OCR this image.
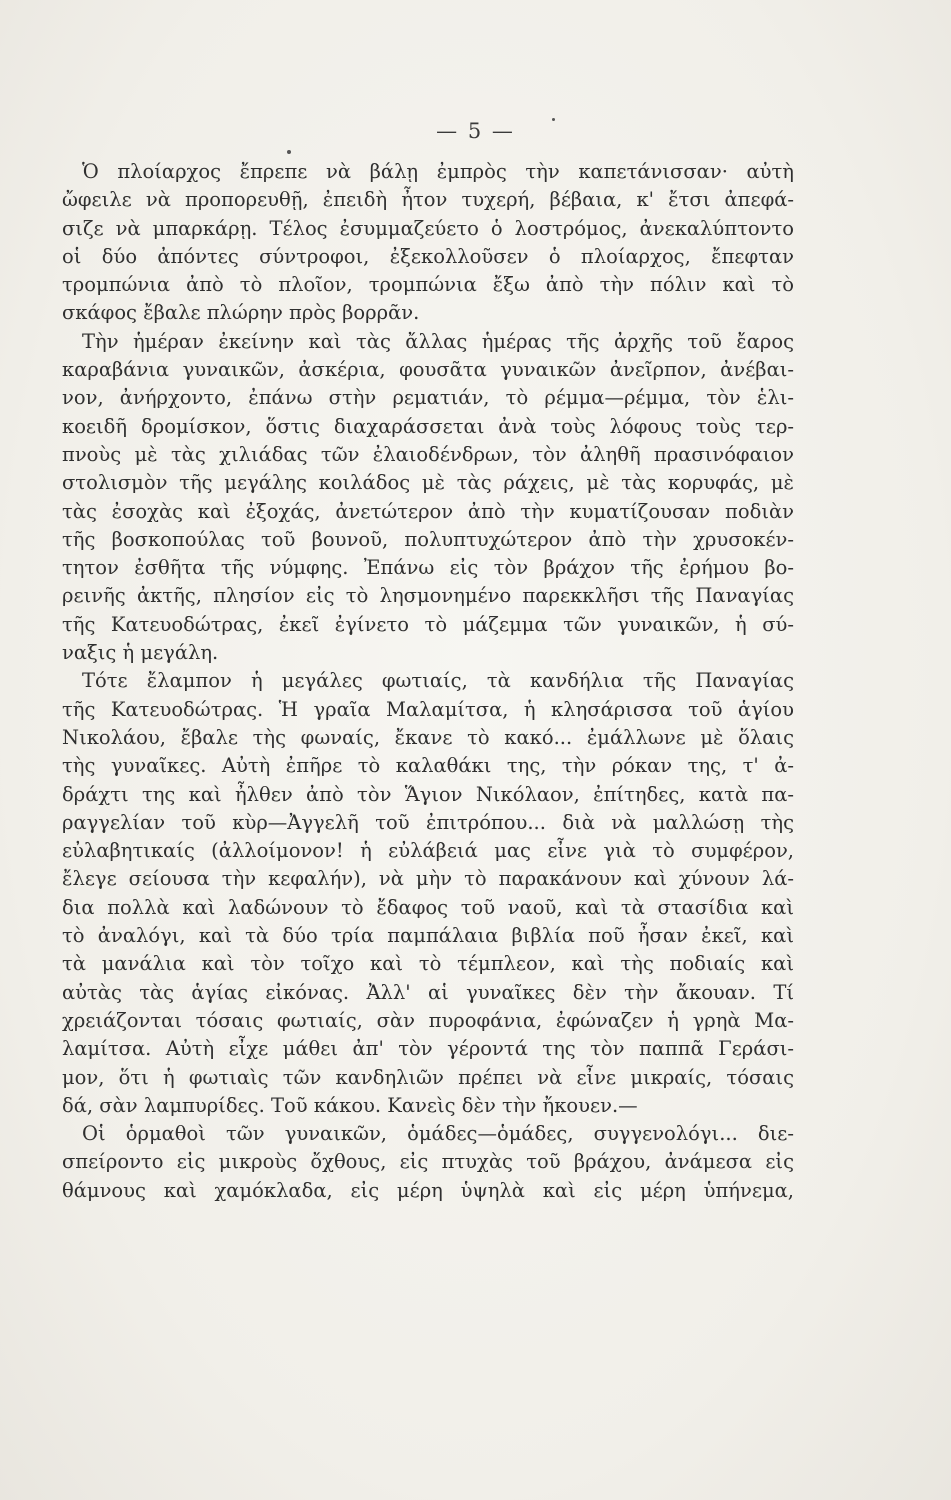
— 5 —
Ὁ πλοίαρχος ἔπρεπε νὰ βάλῃ ἐμπρὸς τὴν καπετάνισσαν· αὐτὴ
ὤφειλε νὰ προπορευθῇ, ἐπειδὴ ἦτον τυχερή, βέβαια, κ' ἔτσι ἀπεφά-
σιζε νὰ μπαρκάρῃ. Τέλος ἐσυμμαζεύετο ὁ λοστρόμος, ἀνεκαλύπτοντο
οἱ δύο ἀπόντες σύντροφοι, ἐξεκολλοῦσεν ὁ πλοίαρχος, ἔπεφταν
τρομπώνια ἀπὸ τὸ πλοῖον, τρομπώνια ἔξω ἀπὸ τὴν πόλιν καὶ τὸ
σκάφος ἔβαλε πλώρην πρὸς βορρᾶν.
Τὴν ἡμέραν ἐκείνην καὶ τὰς ἄλλας ἡμέρας τῆς ἀρχῆς τοῦ ἔαρος
καραβάνια γυναικῶν, ἀσκέρια, φουσᾶτα γυναικῶν ἀνεῖρπον, ἀνέβαι-
νον, ἀνήρχοντο, ἐπάνω στὴν ρεματιάν, τὸ ρέμμα—ρέμμα, τὸν ἑλι-
κοειδῆ δρομίσκον, ὅστις διαχαράσσεται ἀνὰ τοὺς λόφους τοὺς τερ-
πνοὺς μὲ τὰς χιλιάδας τῶν ἐλαιοδένδρων, τὸν ἀληθῆ πρασινόφαιον
στολισμὸν τῆς μεγάλης κοιλάδος μὲ τὰς ράχεις, μὲ τὰς κορυφάς, μὲ
τὰς ἐσοχὰς καὶ ἐξοχάς, ἀνετώτερον ἀπὸ τὴν κυματίζουσαν ποδιὰν
τῆς βοσκοπούλας τοῦ βουνοῦ, πολυπτυχώτερον ἀπὸ τὴν χρυσοκέν-
τητον ἐσθῆτα τῆς νύμφης. Ἐπάνω εἰς τὸν βράχον τῆς ἐρήμου βο-
ρεινῆς ἀκτῆς, πλησίον εἰς τὸ λησμονημένο παρεκκλῆσι τῆς Παναγίας
τῆς Κατευοδώτρας, ἐκεῖ ἐγίνετο τὸ μάζεμμα τῶν γυναικῶν, ἡ σύ-
ναξις ἡ μεγάλη.
Τότε ἔλαμπον ἡ μεγάλες φωτιαίς, τὰ κανδήλια τῆς Παναγίας
τῆς Κατευοδώτρας. Ἡ γραῖα Μαλαμίτσα, ἡ κλησάρισσα τοῦ ἁγίου
Νικολάου, ἔβαλε τὴς φωναίς, ἔκανε τὸ κακό... ἐμάλλωνε μὲ ὅλαις
τὴς γυναῖκες. Αὐτὴ ἐπῆρε τὸ καλαθάκι της, τὴν ρόκαν της, τ' ἀ-
δράχτι της καὶ ἦλθεν ἀπὸ τὸν Ἅγιον Νικόλαον, ἐπίτηδες, κατὰ πα-
ραγγελίαν τοῦ κὺρ—Ἀγγελῆ τοῦ ἐπιτρόπου... διὰ νὰ μαλλώσῃ τὴς
εὐλαβητικαίς (ἀλλοίμονον! ἡ εὐλάβειά μας εἶνε γιὰ τὸ συμφέρον,
ἔλεγε σείουσα τὴν κεφαλήν), νὰ μὴν τὸ παρακάνουν καὶ χύνουν λά-
δια πολλὰ καὶ λαδώνουν τὸ ἔδαφος τοῦ ναοῦ, καὶ τὰ στασίδια καὶ
τὸ ἀναλόγι, καὶ τὰ δύο τρία παμπάλαια βιβλία ποῦ ἦσαν ἐκεῖ, καὶ
τὰ μανάλια καὶ τὸν τοῖχο καὶ τὸ τέμπλεον, καὶ τὴς ποδιαίς καὶ
αὐτὰς τὰς ἁγίας εἰκόνας. Ἀλλ' αἱ γυναῖκες δὲν τὴν ἄκουαν. Τί
χρειάζονται τόσαις φωτιαίς, σὰν πυροφάνια, ἐφώναζεν ἡ γρηὰ Μα-
λαμίτσα. Αὐτὴ εἶχε μάθει ἀπ' τὸν γέροντά της τὸν παππᾶ Γεράσι-
μον, ὅτι ἡ φωτιαὶς τῶν κανδηλιῶν πρέπει νὰ εἶνε μικραίς, τόσαις
δά, σὰν λαμπυρίδες. Τοῦ κάκου. Κανεὶς δὲν τὴν ἤκουεν.—
Οἱ ὁρμαθοὶ τῶν γυναικῶν, ὁμάδες—ὁμάδες, συγγενολόγι... διε-
σπείροντο εἰς μικροὺς ὄχθους, εἰς πτυχὰς τοῦ βράχου, ἀνάμεσα εἰς
θάμνους καὶ χαμόκλαδα, εἰς μέρη ὑψηλὰ καὶ εἰς μέρη ὑπήνεμα,
